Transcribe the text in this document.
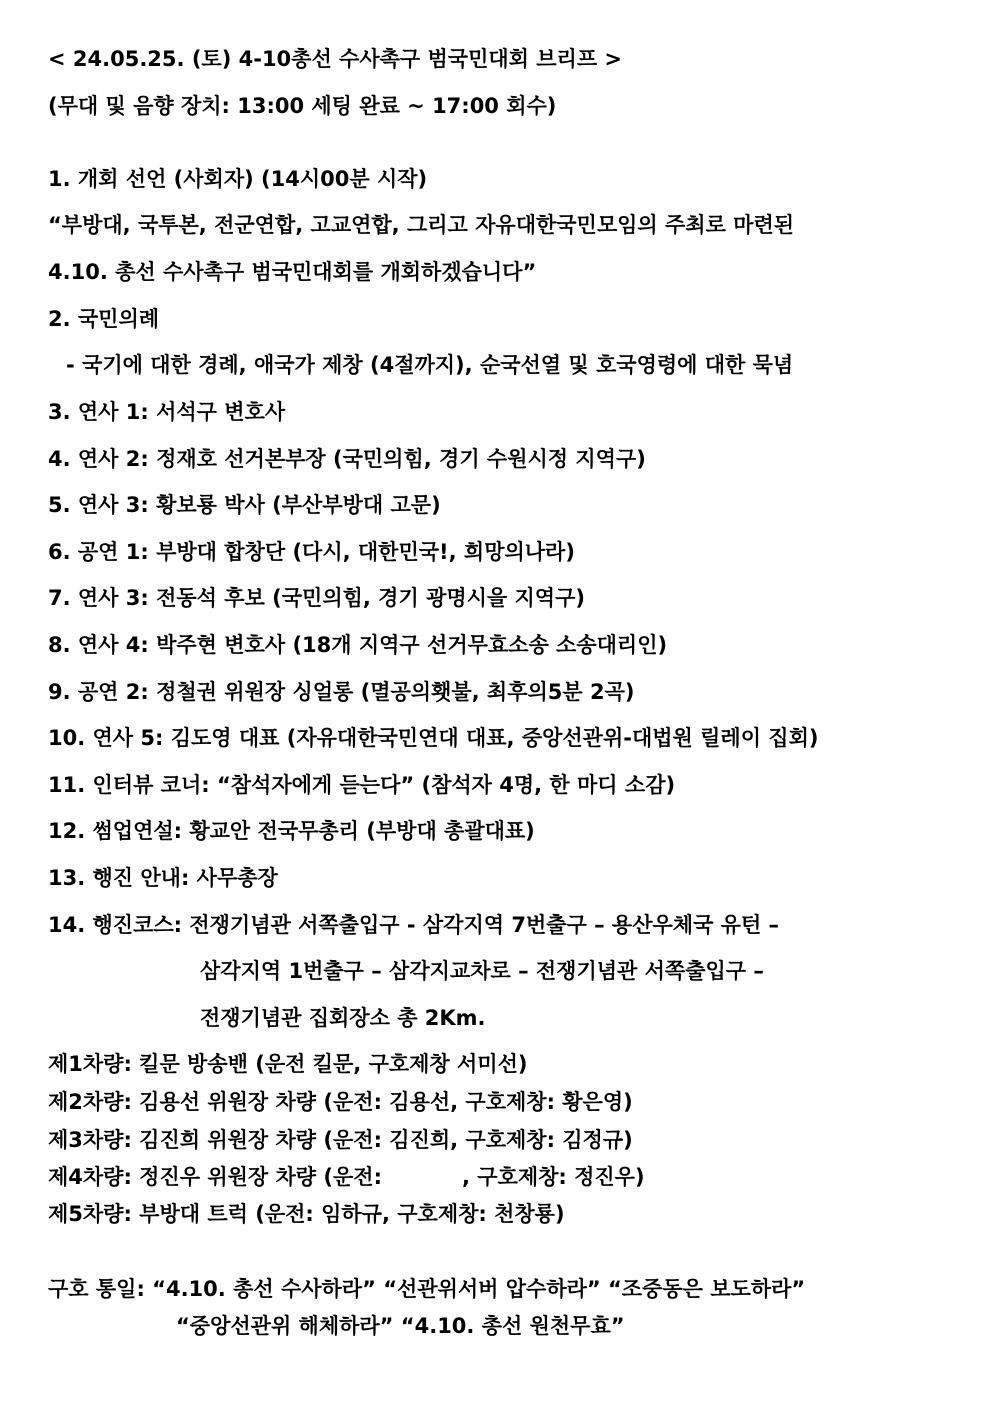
< 24.05.25. (토) 4-10총선 수사촉구 범국민대회 브리프 >
(무대 및 음향 장치: 13:00 세팅 완료 ~ 17:00 회수)
1. 개회 선언 (사회자) (14시00분 시작)
“부방대, 국투본, 전군연합, 고교연합, 그리고 자유대한국민모임의 주최로 마련된
4.10. 총선 수사촉구 범국민대회를 개회하겠습니다”
2. 국민의례
- 국기에 대한 경례, 애국가 제창 (4절까지), 순국선열 및 호국영령에 대한 묵념
3. 연사 1: 서석구 변호사
4. 연사 2: 정재호 선거본부장 (국민의힘, 경기 수원시정 지역구)
5. 연사 3: 황보룡 박사 (부산부방대 고문)
6. 공연 1: 부방대 합창단 (다시, 대한민국!, 희망의나라)
7. 연사 3: 전동석 후보 (국민의힘, 경기 광명시을 지역구)
8. 연사 4: 박주현 변호사 (18개 지역구 선거무효소송 소송대리인)
9. 공연 2: 정철권 위원장 싱얼롱 (멸공의횃불, 최후의5분 2곡)
10. 연사 5: 김도영 대표 (자유대한국민연대 대표, 중앙선관위-대법원 릴레이 집회)
11. 인터뷰 코너: “참석자에게 듣는다” (참석자 4명, 한 마디 소감)
12. 썸업연설: 황교안 전국무총리 (부방대 총괄대표)
13. 행진 안내: 사무총장
14. 행진코스: 전쟁기념관 서쪽출입구 - 삼각지역 7번출구 – 용산우체국 유턴 –
삼각지역 1번출구 – 삼각지교차로 – 전쟁기념관 서쪽출입구 –
전쟁기념관 집회장소 총 2Km.
제1차량: 킬문 방송밴 (운전 킬문, 구호제창 서미선)
제2차량: 김용선 위원장 차량 (운전: 김용선, 구호제창: 황은영)
제3차량: 김진희 위원장 차량 (운전: 김진희, 구호제창: 김정규)
제4차량: 정진우 위원장 차량 (운전:	, 구호제창: 정진우)
제5차량: 부방대 트럭 (운전: 임하규, 구호제창: 천창룡)
구호 통일: “4.10. 총선 수사하라” “선관위서버 압수하라” “조중동은 보도하라”
“중앙선관위 해체하라” “4.10. 총선 원천무효”
